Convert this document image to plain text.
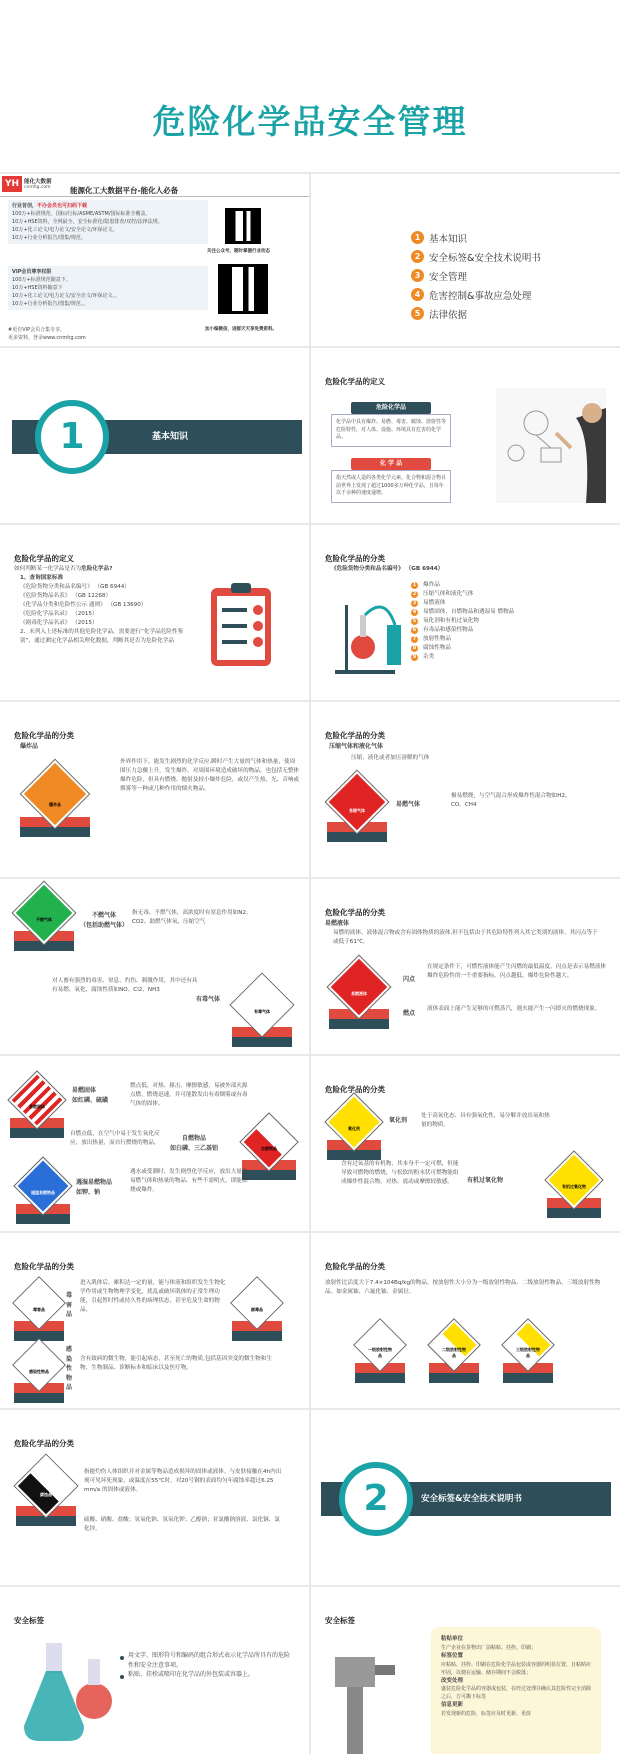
危险化学品安全管理
YH 能化大数据
cnmhg.com	能源化工大数据平台-能化人必备

行业首创，不办会员也可扫码下载

100万+标准规范、国标/行标/ASME/ASTM/国际标准全覆盖。

10万+HSE资料，全网最全，安全标准化/隐患排查/双控/法律法规。

10万+化工论文/电力论文/安全论文/环保论文。

10万+行业分析报告/图集/规范。

VIP会员尊享权限

100万+标准规范随意下。

10万+HSE资料随意下

10万+化工论文/电力论文/安全论文/环保论文。。

10万+行业分析报告/图集/规范。。

#更有VIP会员合集专享。

更多资料，登录www.cnmhg.com

关注公众号，随时掌握行业动态
加小编微信，进群天天享免费资料。
1 基本知识
2 安全标签&安全技术说明书
3 安全管理
4 危害控制&事故应急处理
5 法律依据
基本知识
1
危险化学品的定义
危险化学品
化学品中具有爆炸、易燃、毒害、腐蚀、放射性等危险特性，对人体、设施、环境具有危害的化学品。
化 学 品
指天然或人造的各类化学元素、化合物和混合物目前世界上发现了超过1000多万种化学品，且每年以千余种的速度递增。
危险化学品的定义

如何判断某一化学品是否为危险化学品?

1、查询国家标准

《危险货物分类和品名编号》 （GB 6944）

《危险货物品名表》 （GB 12268）

《化学品分类和危险性公示 通则》 （GB 13690）

《危险化学品名录》 （2015）

《剧毒化学品名录》 （2015）

2、未列入上述标准的其他危险化学品，需要进行“化学品危险性鉴别”，通过测定化学品相关理化数据，判断其是否为危险化学品

危险化学品的分类
《危险货物分类和品名编号》 （GB 6944）

1 爆炸品

2 压缩气体和液化气体

3 易燃液体

4 易燃固体、自燃物品和遇湿易 燃物品

5 氧化剂和有机过氧化物

6 有毒品和感染性物品

7 放射性物品

8 腐蚀性物品

9 杂类

危险化学品的分类
爆炸品
爆炸品
外界作用下，能发生剧烈的化学反应,瞬时产生大量的气体和热量，使周围压力急骤上升，发生爆炸，对周围环境造成破坏的物品。也包括无整体爆炸危险，但具有燃烧、抛射及较小爆炸危险，或仅产生热、光、音响或烟雾等一种或几种作用的烟火物品。
危险化学品的分类
压缩气体和液化气体
压缩、液化或者加压溶解的气体
易燃气体
易燃气体
极易燃烧，与空气混合形成爆炸性混合物如H2、CO、CH4
不燃气体

不燃气体

（包括助燃气体）

指无毒、不燃气体，高浓度时有窒息作用如N2、CO2、助燃气体氧、压缩空气
对人畜有强烈的毒害、窒息、灼伤、刺激作用，其中还有具有易燃、氧化、腐蚀性质如NO、Cl2、NH3
有毒气体
有毒气体
危险化学品的分类
易燃液体
易燃的液体、液体混合物或含有固体物质的液体,但不包括由于其危险特性列入其它类别的液体。其闪点等于或低于61℃。
易燃液体
闪点
在规定条件下，可燃性液体能产生闪燃的最低温度。闪点是表示易燃液体爆炸危险性的一个重要指标，闪点越低，爆炸危险性越大。
燃点
液体表面上能产生足够的可燃蒸汽，遇火能产生一闪即灭的燃烧现象。
易燃固体

易燃固体

如红磷、硫磺

燃点低、对热、撞击、摩擦敏感，易被外部火源点燃，燃烧迅速，并可能散发出有毒烟雾或有毒气体的固体。
自燃点低，在空气中易于发生氧化反应，放出热量，而自行燃烧的物品。

自燃物品

如白磷、三乙基铝	自燃物品
遇湿易燃物品

遇湿易燃物品

如钾、钠

遇水或受潮时，发生剧烈化学反应，放出大量的易燃气体和热量的物品。有些不需明火，即能燃烧或爆炸。
危险化学品的分类
氧化剂
氧化剂
处于高氧化态、具有强氧化性，易分解并放出氧和热量的物质。
含有过氧基的有机物，其本身不一定可燃，但能导致可燃物的燃烧，与松软的粉末状可燃物能组成爆炸性混合物，对热、震动或摩擦较敏感。	有机过氧化物
有机过氧化物
危险化学品的分类
毒害品
毒害品
进入肌体后，累积达一定的量，能与体液和组织发生生物化学作用或生物物理学变化，扰乱或破坏肌体的正常生理功能，引起暂时性或持久性的病理状态，甚至危及生命的物品。	剧毒品
感染性物品
感染性物品
含有致病的微生物，能引起病态，甚至死亡的物质,包括基因突变的微生物和生物、生物制品、诊断标本和临床以及医疗物。
危险化学品的分类
放射性比活度大于7.4×104Bq/kg的物品。按放射性大小分为一级放射性物品、二级放射性物品、三级放射性物品。如金属铀、六氟化铀、金属钍。
一级放射性物品
二级放射性物品
三级放射性物品
危险化学品的分类
腐蚀品
指能灼伤人体组织并对金属等物品造成损坏的固体或液体。与皮肤接触在4h内出现可见坏死现象，或温度在55℃时，对20号钢的表面均匀年腐蚀率超过6.25 mm/a 的固体或液体。
硫酸、硝酸、盐酸；氢氧化钠、氢氧化钾；乙醇钠；亚氯酸钠溶液、氯化铜、氯化锌。
安全标签&安全技术说明书
2
安全标签
用文字、图形符号和编码的组合形式表示化学品所具有的危险性和安全注意事项。
粘贴、挂栓或喷印在化学品的外包装或容器上。
安全标签

粘贴单位

生产企业在货物出厂前粘贴、挂拴、印刷；

标签位置

应粘贴、挂拴、印刷在危险化学品包装或容器的明显位置，且粘贴应牢固，以便在运输、储存期间不会脱落；

改变处理

盛装危险化学品的容器或包装，在经过处理并确认其危险性完全消除之后，方可撕下标签

信息更新

若发现新的危险，标签应及时更新，更改
